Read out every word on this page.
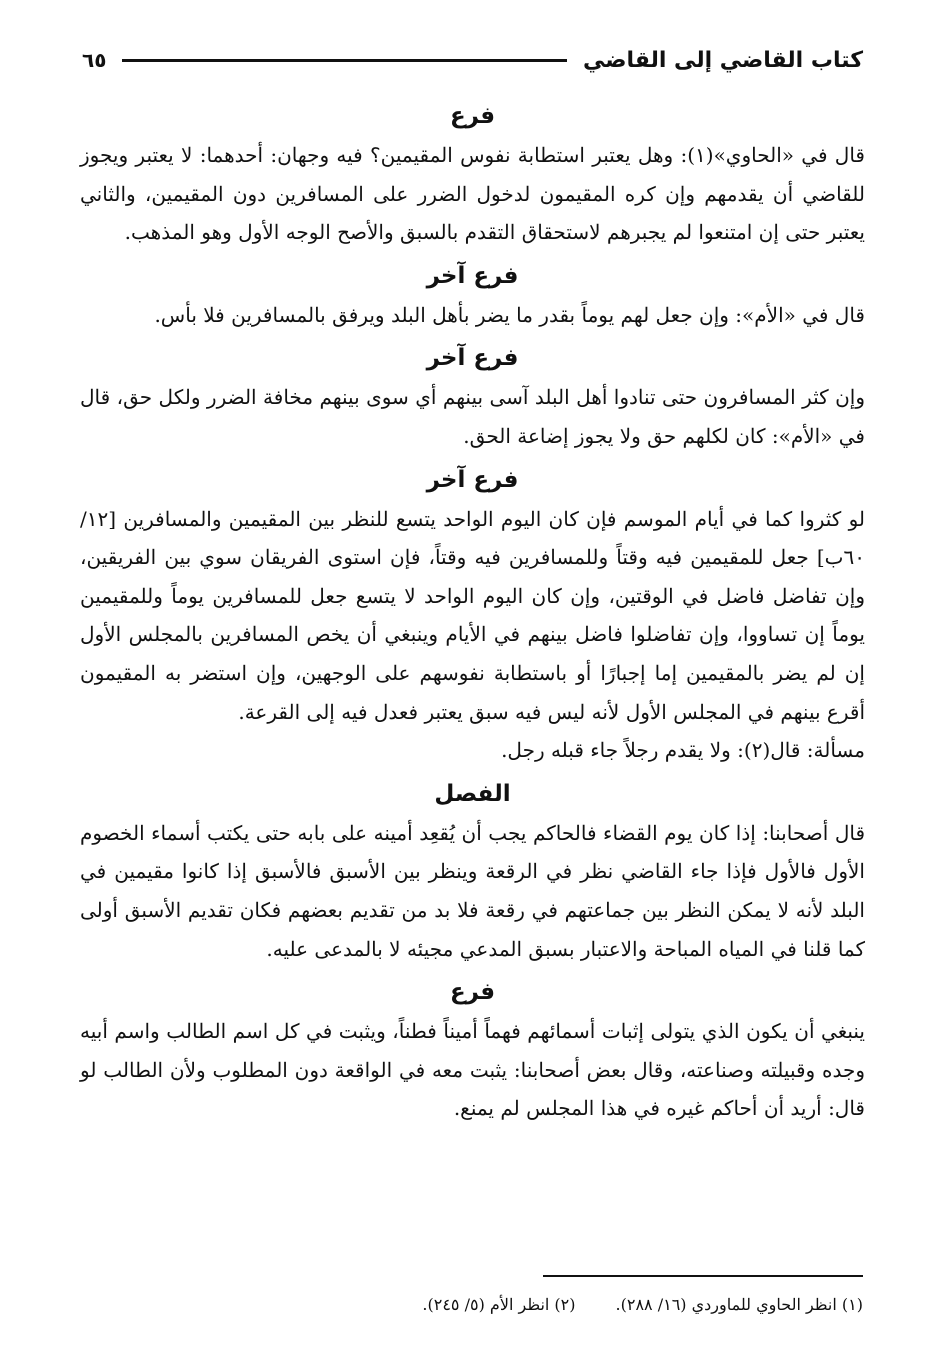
كتاب القاضي إلى القاضي
٦٥
فرع

قال في «الحاوي»(١): وهل يعتبر استطابة نفوس المقيمين؟ فيه وجهان: أحدهما: لا يعتبر ويجوز للقاضي أن يقدمهم وإن كره المقيمون لدخول الضرر على المسافرين دون المقيمين، والثاني يعتبر حتى إن امتنعوا لم يجبرهم لاستحقاق التقدم بالسبق والأصح الوجه الأول وهو المذهب.

فرع آخر

قال في «الأم»: وإن جعل لهم يوماً بقدر ما يضر بأهل البلد ويرفق بالمسافرين فلا بأس.

فرع آخر

وإن كثر المسافرون حتى تنادوا أهل البلد آسى بينهم أي سوى بينهم مخافة الضرر ولكل حق، قال في «الأم»: كان لكلهم حق ولا يجوز إضاعة الحق.

فرع آخر

لو كثروا كما في أيام الموسم فإن كان اليوم الواحد يتسع للنظر بين المقيمين والمسافرين [١٢/ ٦٠ب] جعل للمقيمين فيه وقتاً وللمسافرين فيه وقتاً، فإن استوى الفريقان سوي بين الفريقين، وإن تفاضل فاضل في الوقتين، وإن كان اليوم الواحد لا يتسع جعل للمسافرين يوماً وللمقيمين يوماً إن تساووا، وإن تفاضلوا فاضل بينهم في الأيام وينبغي أن يخص المسافرين بالمجلس الأول إن لم يضر بالمقيمين إما إجبارًا أو باستطابة نفوسهم على الوجهين، وإن استضر به المقيمون أقرع بينهم في المجلس الأول لأنه ليس فيه سبق يعتبر فعدل فيه إلى القرعة.

مسألة: قال(٢): ولا يقدم رجلاً جاء قبله رجل.

الفصل

قال أصحابنا: إذا كان يوم القضاء فالحاكم يجب أن يُقعِد أمينه على بابه حتى يكتب أسماء الخصوم الأول فالأول فإذا جاء القاضي نظر في الرقعة وينظر بين الأسبق فالأسبق إذا كانوا مقيمين في البلد لأنه لا يمكن النظر بين جماعتهم في رقعة فلا بد من تقديم بعضهم فكان تقديم الأسبق أولى كما قلنا في المياه المباحة والاعتبار بسبق المدعي مجيئه لا بالمدعى عليه.

فرع

ينبغي أن يكون الذي يتولى إثبات أسمائهم فهماً أميناً فطناً، ويثبت في كل اسم الطالب واسم أبيه وجده وقبيلته وصناعته، وقال بعض أصحابنا: يثبت معه في الواقعة دون المطلوب ولأن الطالب لو قال: أريد أن أحاكم غيره في هذا المجلس لم يمنع.

(١) انظر الحاوي للماوردي (١٦/ ٢٨٨).
(٢) انظر الأم (٥/ ٢٤٥).
